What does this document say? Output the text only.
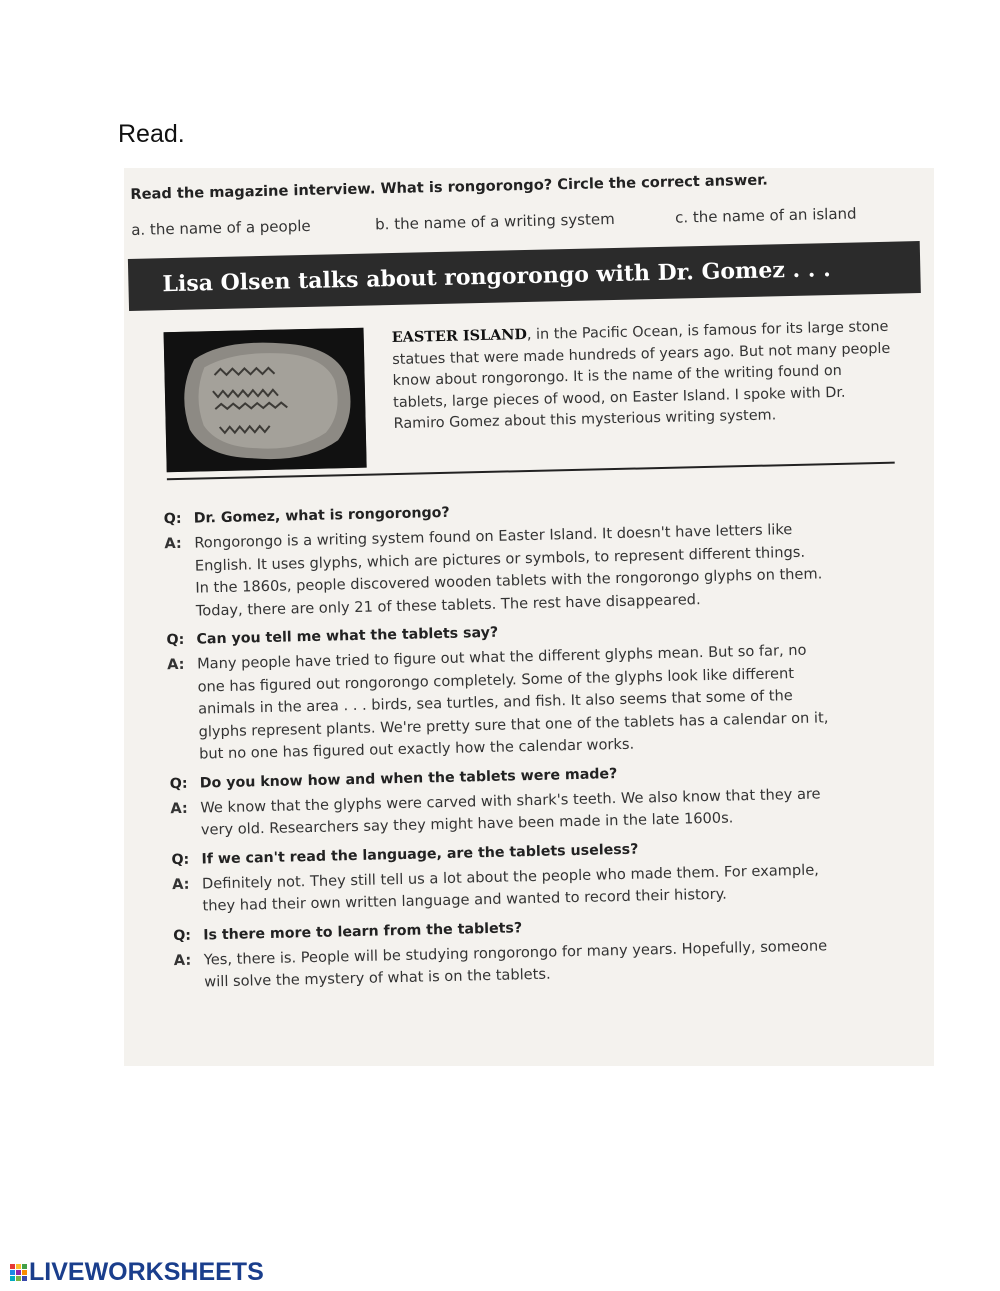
Read.
Read the magazine interview. What is rongorongo? Circle the correct answer.
a. the name of a people	b. the name of a writing system	c. the name of an island
Lisa Olsen talks about rongorongo with Dr. Gomez . . .
EASTER ISLAND, in the Pacific Ocean, is famous for its large stone statues that were made hundreds of years ago. But not many people know about rongorongo. It is the name of the writing found on tablets, large pieces of wood, on Easter Island. I spoke with Dr. Ramiro Gomez about this mysterious writing system.
Q: Dr. Gomez, what is rongorongo?
A: Rongorongo is a writing system found on Easter Island. It doesn't have letters like
English. It uses glyphs, which are pictures or symbols, to represent different things.
In the 1860s, people discovered wooden tablets with the rongorongo glyphs on them.
Today, there are only 21 of these tablets. The rest have disappeared.
Q: Can you tell me what the tablets say?
A: Many people have tried to figure out what the different glyphs mean. But so far, no
one has figured out rongorongo completely. Some of the glyphs look like different
animals in the area . . . birds, sea turtles, and fish. It also seems that some of the
glyphs represent plants. We're pretty sure that one of the tablets has a calendar on it,
but no one has figured out exactly how the calendar works.
Q: Do you know how and when the tablets were made?
A: We know that the glyphs were carved with shark's teeth. We also know that they are
very old. Researchers say they might have been made in the late 1600s.
Q: If we can't read the language, are the tablets useless?
A: Definitely not. They still tell us a lot about the people who made them. For example,
they had their own written language and wanted to record their history.
Q: Is there more to learn from the tablets?
A: Yes, there is. People will be studying rongorongo for many years. Hopefully, someone
will solve the mystery of what is on the tablets.
LIVEWORKSHEETS
